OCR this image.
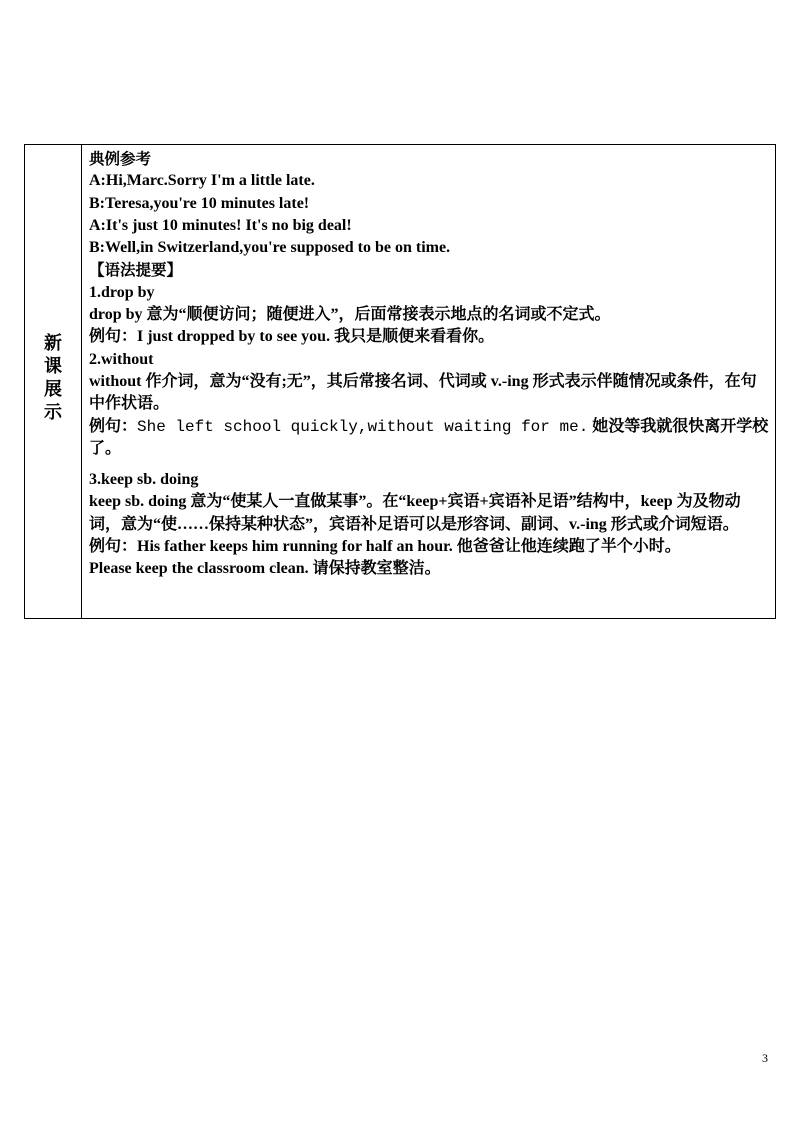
新课展示
典例参考
A:Hi,Marc.Sorry I'm a little late.
B:Teresa,you're 10 minutes late!
A:It's just 10 minutes! It's no big deal!
B:Well,in Switzerland,you're supposed to be on time.
【语法提要】
1.drop by
drop by 意为“顺便访问；随便进入”，后面常接表示地点的名词或不定式。
例句：I just dropped by to see you. 我只是顺便来看看你。
2.without
without 作介词，意为“没有;无”，其后常接名词、代词或 v.-ing 形式表示伴随情况或条件，在句中作状语。
例句：She left school quickly,without waiting for me. 她没等我就很快离开学校了。
3.keep sb. doing
keep sb. doing 意为“使某人一直做某事”。在“keep+宾语+宾语补足语”结构中，keep 为及物动词，意为“使……保持某种状态”，宾语补足语可以是形容词、副词、v.-ing 形式或介词短语。
例句：His father keeps him running for half an hour. 他爸爸让他连续跑了半个小时。
Please keep the classroom clean. 请保持教室整洁。
3
